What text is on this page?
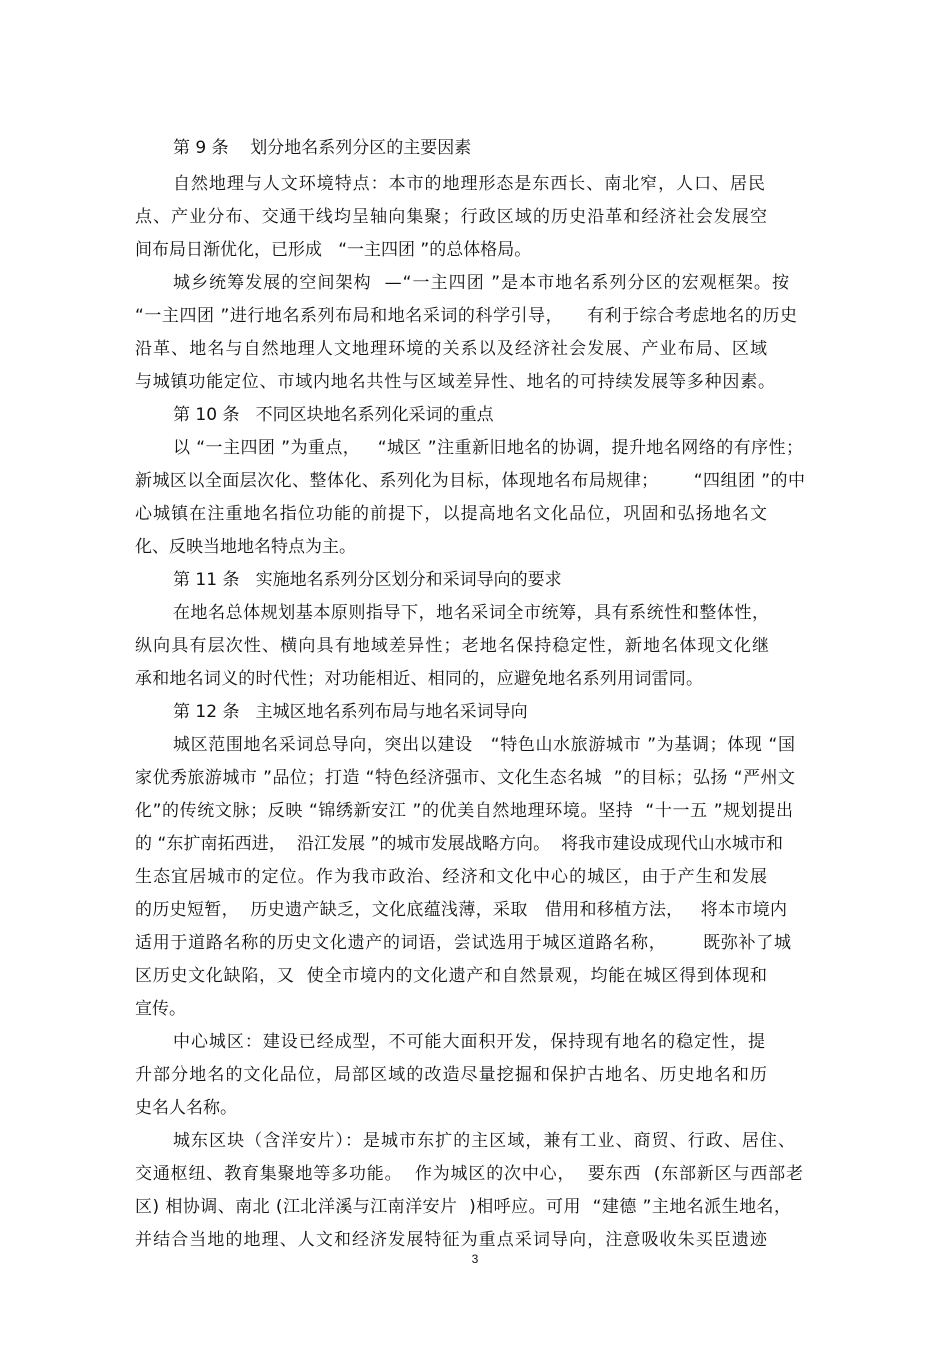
第 9 条    划分地名系列分区的主要因素
自然地理与人文环境特点：本市的地理形态是东西长、南北窄，人口、居民
点、产业分布、交通干线均呈轴向集聚；行政区域的历史沿革和经济社会发展空
间布局日渐优化，已形成   “一主四团 ”的总体格局。
城乡统筹发展的空间架构  —“一主四团 ”是本市地名系列分区的宏观框架。按
“一主四团 ”进行地名系列布局和地名采词的科学引导，    有利于综合考虑地名的历史
沿革、地名与自然地理人文地理环境的关系以及经济社会发展、产业布局、区域
与城镇功能定位、市域内地名共性与区域差异性、地名的可持续发展等多种因素。
第 10 条   不同区块地名系列化采词的重点
以 “一主四团 ”为重点，   “城区 ”注重新旧地名的协调，提升地名网络的有序性；
新城区以全面层次化、整体化、系列化为目标，体现地名布局规律；      “四组团 ”的中
心城镇在注重地名指位功能的前提下，以提高地名文化品位，巩固和弘扬地名文
化、反映当地地名特点为主。
第 11 条   实施地名系列分区划分和采词导向的要求
在地名总体规划基本原则指导下，地名采词全市统筹，具有系统性和整体性，
纵向具有层次性、横向具有地域差异性；老地名保持稳定性，新地名体现文化继
承和地名词义的时代性；对功能相近、相同的，应避免地名系列用词雷同。
第 12 条   主城区地名系列布局与地名采词导向
城区范围地名采词总导向，突出以建设   “特色山水旅游城市 ”为基调；体现 “国
家优秀旅游城市 ”品位；打造 “特色经济强市、文化生态名城  ”的目标；弘扬 “严州文
化”的传统文脉；反映 “锦绣新安江 ”的优美自然地理环境。坚持  “十一五 ”规划提出
的 “东扩南拓西进，  沿江发展 ”的城市发展战略方向。  将我市建设成现代山水城市和
生态宜居城市的定位。作为我市政治、经济和文化中心的城区，由于产生和发展
的历史短暂，  历史遗产缺乏，文化底蕴浅薄，采取   借用和移植方法，   将本市境内
适用于道路名称的历史文化遗产的词语，尝试选用于城区道路名称，      既弥补了城
区历史文化缺陷，又  使全市境内的文化遗产和自然景观，均能在城区得到体现和
宣传。
中心城区：建设已经成型，不可能大面积开发，保持现有地名的稳定性，提
升部分地名的文化品位，局部区域的改造尽量挖掘和保护古地名、历史地名和历
史名人名称。
城东区块（含洋安片）：是城市东扩的主区域，兼有工业、商贸、行政、居住、
交通枢纽、教育集聚地等多功能。  作为城区的次中心，  要东西  (东部新区与西部老
区) 相协调、南北 (江北洋溪与江南洋安片  )相呼应。可用  “建德 ”主地名派生地名，
并结合当地的地理、人文和经济发展特征为重点采词导向，注意吸收朱买臣遗迹
3
